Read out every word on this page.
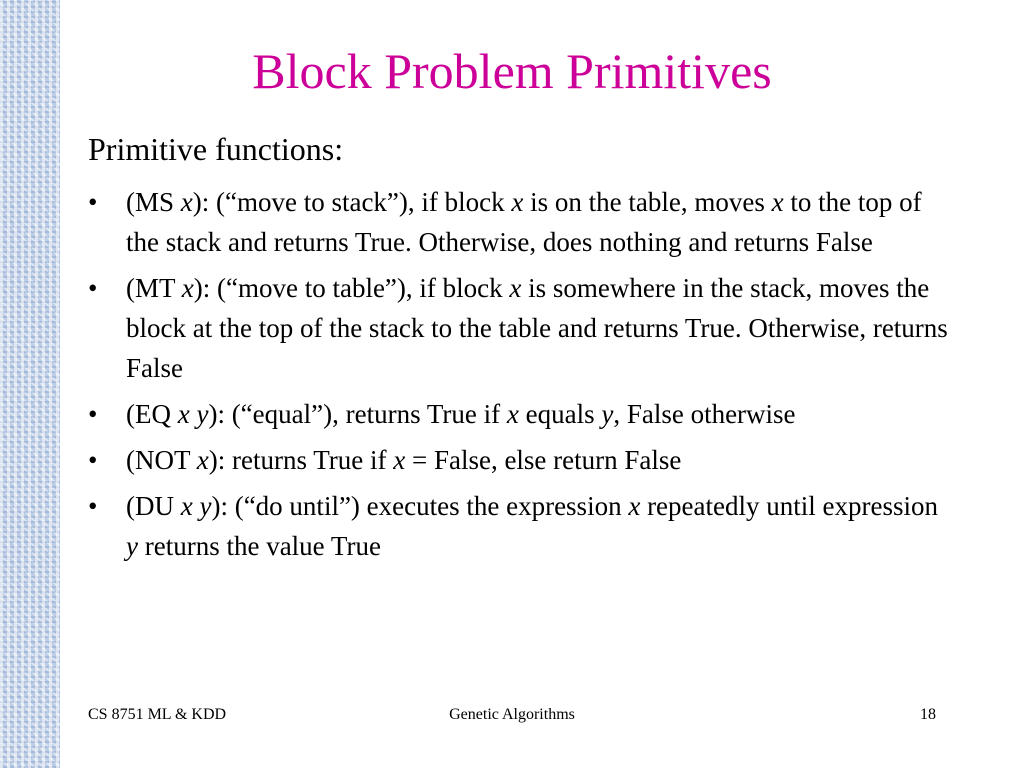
Block Problem Primitives
Primitive functions:
• (MS x): (“move to stack”), if block x is on the table, moves x to the top of the stack and returns True. Otherwise, does nothing and returns False
• (MT x): (“move to table”), if block x is somewhere in the stack, moves the block at the top of the stack to the table and returns True. Otherwise, returns False
• (EQ x y): (“equal”), returns True if x equals y, False otherwise
• (NOT x): returns True if x = False, else return False
• (DU x y): (“do until”) executes the expression x repeatedly until expression y returns the value True
CS 8751 ML & KDD	Genetic Algorithms	18
